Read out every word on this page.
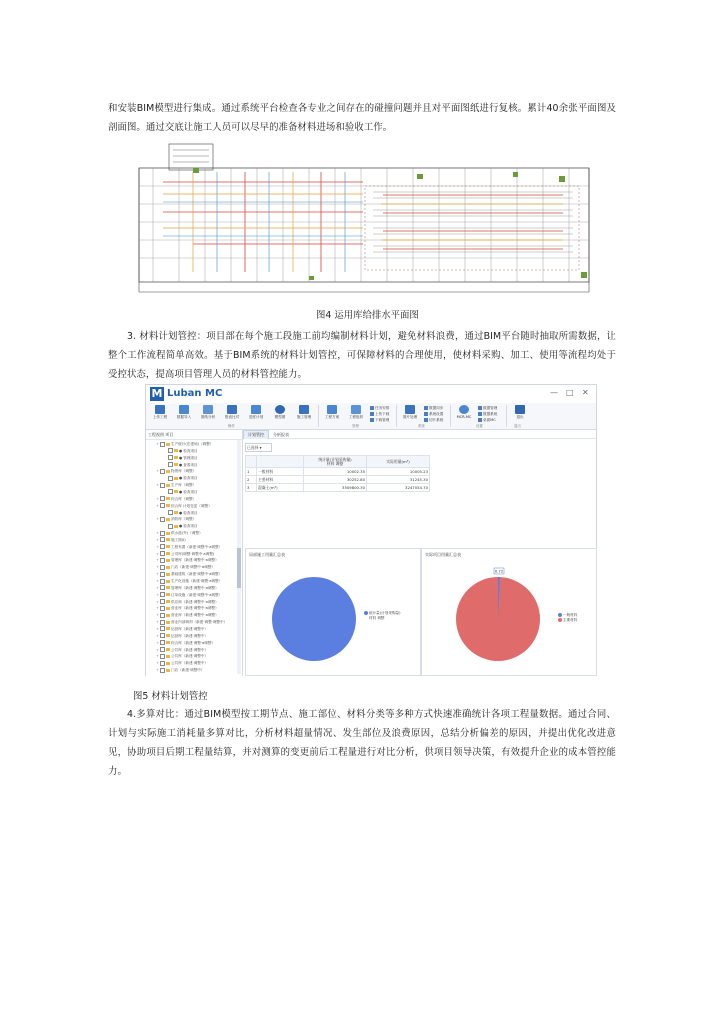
和安装BIM模型进行集成。通过系统平台检查各专业之间存在的碰撞问题并且对平面图纸进行复核。累计40余张平面图及剖面图。通过交底让施工人员可以尽早的准备材料进场和验收工作。

图4 运用库给排水平面图

3. 材料计划管控：项目部在每个施工段施工前均编制材料计划，避免材料浪费，通过BIM平台随时抽取所需数据，让整个工作流程简单高效。基于BIM系统的材料计划管控，可保障材料的合理使用，使材料采购、加工、使用等流程均处于受控状态，提高项目管理人员的材料管控能力。

M Luban MC	— □ ✕
上传工程	数据导入	图纸分析	报表比对	进度计划	模型图	施工管理	工程方案	工程组织
任务安排
上传下载
下载管理
图片处理
数据同步
系统设置
切片系统
MCR-MC
数据管理
数据系统
桌面MC
退出
操作	管理	系统	设置	退出
工程视图 项目
+	生产统计(在建场)（调整）
● 检查项目
● 管理项目
● 查看项目
+	物资库（调整）
● 检查项目
+	生产库（调整）
● 检查项目
+	综合库（调整）
+	综合库 计划变更（调整）
● 检查项目
+	消防库（调整）
● 检查项目
+	供水道(外)（调整）
+	施工图(I)
+	工程布置（新建·调整中·a调整）
+	公司库(调整·调整中·a调整)
+	管理库（新建·调整中·a调整）
+	门店（新建·调整中·a调整）
+	基础建筑（新建·调整中·a调整）
+	生产化设施（新建·调整·a调整）
+	管理库（新建·调整中·a调整）
+	订单设施（新建·调整中·a调整）
+	供应商（新建·调整中·a调整）
+	营业库（新建·调整中·a调整）
+	营业库（新建·调整中·a调整）
+	营业内部调剂（新建·调整·调整中）
+	运营库（新建·调整中）
+	运营库（新建·调整中）
+	综合库（新建·调整·a调整）
+	公共库（新建·调整中）
+	公共库（新建·调整中）
+	公共库（新建·调整中）
+	门店（新建·调整中）
计划管控 分析报表
已选择 ▾
		统计量(计划采购量)
材料 调整	实际用量(m³)
1	一般材料	10002.35	10005.23
2	主要材料	30252.80	31245.30
3	混凝土(m³)	3509800.30	3247054.70
局部施工用量汇总表
统计量(计划采购量)
材料 调整
实际项目用量汇总表
0.72
一般材料
主要材料

图5 材料计划管控

4.多算对比：通过BIM模型按工期节点、施工部位、材料分类等多种方式快速准确统计各项工程量数据。通过合同、计划与实际施工消耗量多算对比，分析材料超量情况、发生部位及浪费原因，总结分析偏差的原因，并提出优化改进意见，协助项目后期工程量结算，并对测算的变更前后工程量进行对比分析，供项目领导决策，有效提升企业的成本管控能力。
